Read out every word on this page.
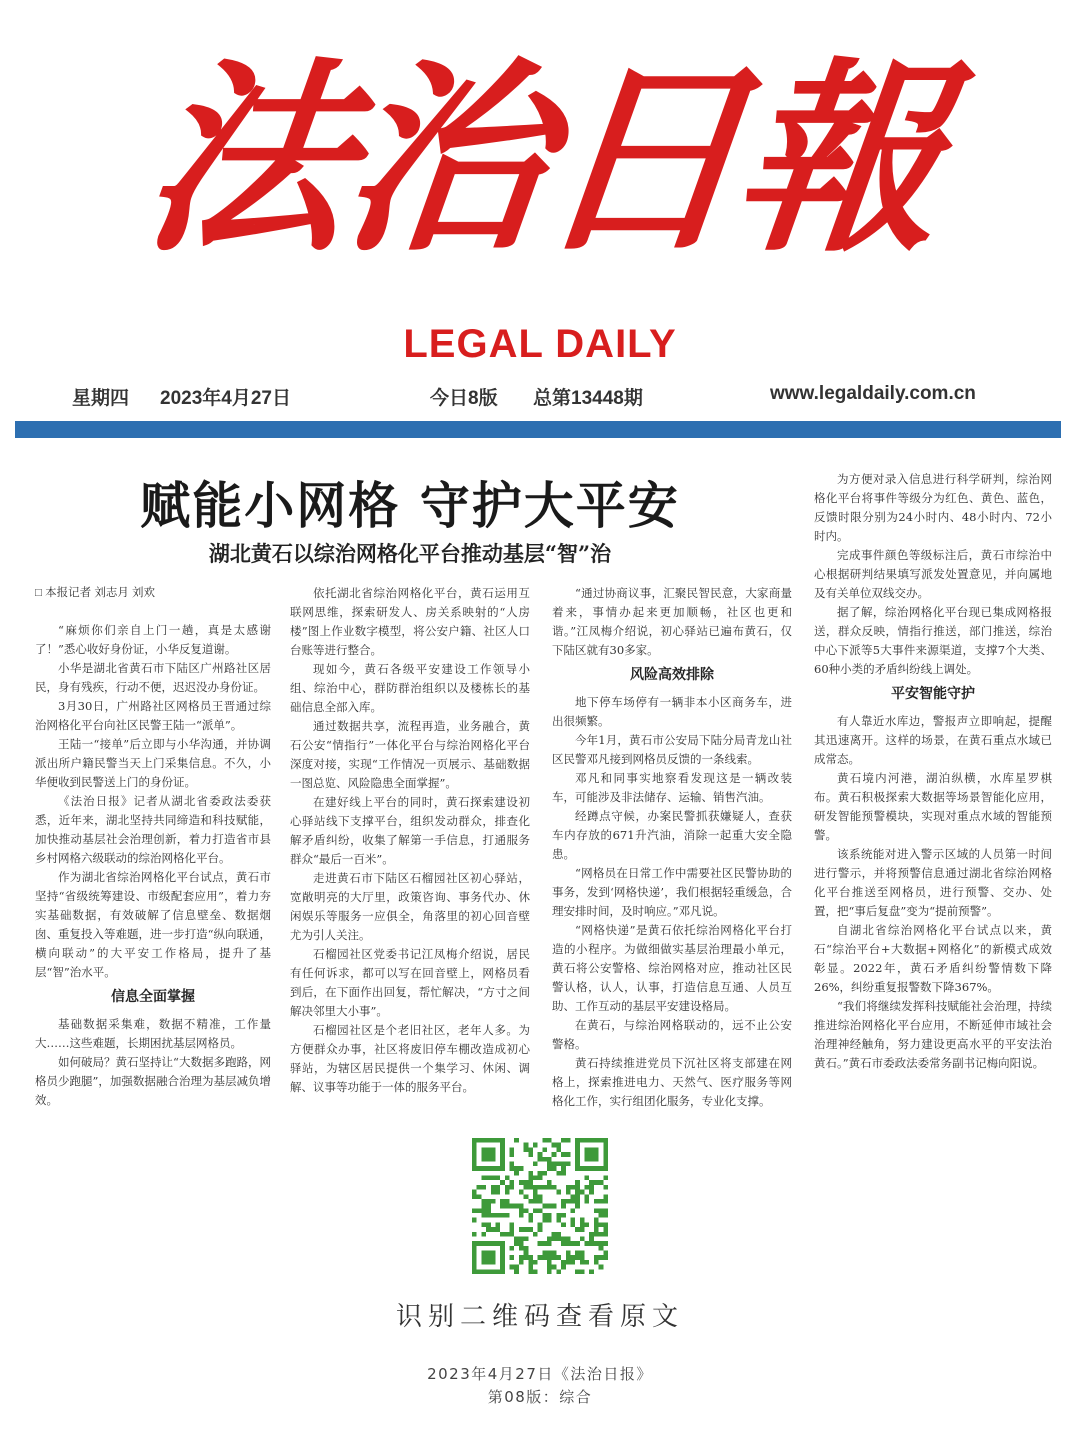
法治日報
LEGAL DAILY
星期四 2023年4月27日	今日8版 总第13448期	www.legaldaily.com.cn
赋能小网格 守护大平安
湖北黄石以综治网格化平台推动基层“智”治

□ 本报记者 刘志月 刘欢

“麻烦你们亲自上门一趟，真是太感谢了！”悉心收好身份证，小华反复道谢。

小华是湖北省黄石市下陆区广州路社区居民，身有残疾，行动不便，迟迟没办身份证。

3月30日，广州路社区网格员王晋通过综治网格化平台向社区民警王陆一“派单”。

王陆一“接单”后立即与小华沟通，并协调派出所户籍民警当天上门采集信息。不久，小华便收到民警送上门的身份证。

《法治日报》记者从湖北省委政法委获悉，近年来，湖北坚持共同缔造和科技赋能，加快推动基层社会治理创新，着力打造省市县乡村网格六级联动的综治网格化平台。

作为湖北省综治网格化平台试点，黄石市坚持“省级统筹建设、市级配套应用”，着力夯实基础数据，有效破解了信息壁垒、数据烟囱、重复投入等难题，进一步打造“纵向联通，横向联动”的大平安工作格局，提升了基层“智”治水平。

信息全面掌握

基础数据采集难，数据不精准，工作量大……这些难题，长期困扰基层网格员。

如何破局？黄石坚持让“大数据多跑路，网格员少跑腿”，加强数据融合治理为基层减负增效。

依托湖北省综治网格化平台，黄石运用互联网思维，探索研发人、房关系映射的“人房楼”图上作业数字模型，将公安户籍、社区人口台账等进行整合。

现如今，黄石各级平安建设工作领导小组、综治中心，群防群治组织以及楼栋长的基础信息全部入库。

通过数据共享，流程再造，业务融合，黄石公安“情指行”一体化平台与综治网格化平台深度对接，实现“工作情况一页展示、基础数据一图总览、风险隐患全面掌握”。

在建好线上平台的同时，黄石探索建设初心驿站线下支撑平台，组织发动群众，排查化解矛盾纠纷，收集了解第一手信息，打通服务群众“最后一百米”。

走进黄石市下陆区石榴园社区初心驿站，宽敞明亮的大厅里，政策咨询、事务代办、休闲娱乐等服务一应俱全，角落里的初心回音壁尤为引人关注。

石榴园社区党委书记江凤梅介绍说，居民有任何诉求，都可以写在回音壁上，网格员看到后，在下面作出回复，帮忙解决，“方寸之间解决邻里大小事”。

石榴园社区是个老旧社区，老年人多。为方便群众办事，社区将废旧停车棚改造成初心驿站，为辖区居民提供一个集学习、休闲、调解、议事等功能于一体的服务平台。

“通过协商议事，汇聚民智民意，大家商量着来，事情办起来更加顺畅，社区也更和谐。”江凤梅介绍说，初心驿站已遍布黄石，仅下陆区就有30多家。

风险高效排除

地下停车场停有一辆非本小区商务车，进出很频繁。

今年1月，黄石市公安局下陆分局青龙山社区民警邓凡接到网格员反馈的一条线索。

邓凡和同事实地察看发现这是一辆改装车，可能涉及非法储存、运输、销售汽油。

经蹲点守候，办案民警抓获嫌疑人，查获车内存放的671升汽油，消除一起重大安全隐患。

“网格员在日常工作中需要社区民警协助的事务，发到‘网格快递’，我们根据轻重缓急，合理安排时间，及时响应。”邓凡说。

“网格快递”是黄石依托综治网格化平台打造的小程序。为做细做实基层治理最小单元，黄石将公安警格、综治网格对应，推动社区民警认格，认人，认事，打造信息互通、人员互助、工作互动的基层平安建设格局。

在黄石，与综治网格联动的，远不止公安警格。

黄石持续推进党员下沉社区将支部建在网格上，探索推进电力、天然气、医疗服务等网格化工作，实行组团化服务，专业化支撑。

为方便对录入信息进行科学研判，综治网格化平台将事件等级分为红色、黄色、蓝色，反馈时限分别为24小时内、48小时内、72小时内。

完成事件颜色等级标注后，黄石市综治中心根据研判结果填写派发处置意见，并向属地及有关单位双线交办。

据了解，综治网格化平台现已集成网格报送，群众反映，情指行推送，部门推送，综治中心下派等5大事件来源渠道，支撑7个大类、60种小类的矛盾纠纷线上调处。

平安智能守护

有人靠近水库边，警报声立即响起，提醒其迅速离开。这样的场景，在黄石重点水域已成常态。

黄石境内河港，湖泊纵横，水库星罗棋布。黄石积极探索大数据等场景智能化应用，研发智能预警模块，实现对重点水域的智能预警。

该系统能对进入警示区域的人员第一时间进行警示，并将预警信息通过湖北省综治网格化平台推送至网格员，进行预警、交办、处置，把“事后复盘”变为“提前预警”。

自湖北省综治网格化平台试点以来，黄石“综治平台+大数据+网格化”的新模式成效彰显。2022年，黄石矛盾纠纷警情数下降26%，纠纷重复报警数下降367%。

“我们将继续发挥科技赋能社会治理，持续推进综治网格化平台应用，不断延伸市域社会治理神经触角，努力建设更高水平的平安法治黄石。”黄石市委政法委常务副书记梅向阳说。

识别二维码查看原文
2023年4月27日《法治日报》
第08版：综合
